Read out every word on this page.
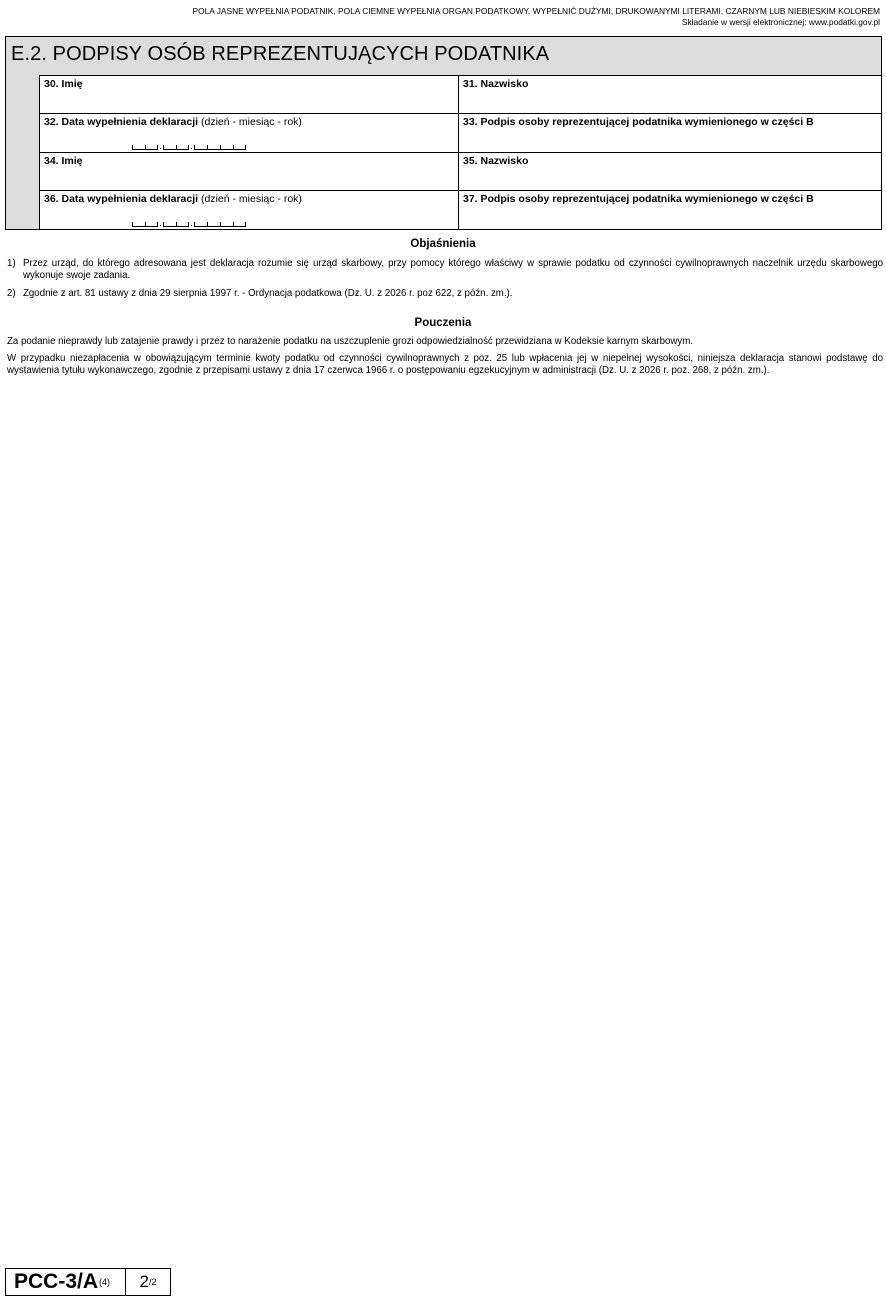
POLA JASNE WYPEŁNIA PODATNIK, POLA CIEMNE WYPEŁNIA ORGAN PODATKOWY. WYPEŁNIĆ DUŻYMI, DRUKOWANYMI LITERAMI, CZARNYM LUB NIEBIESKIM KOLOREM
Składanie w wersji elektronicznej: www.podatki.gov.pl
E.2. PODPISY OSÓB REPREZENTUJĄCYCH PODATNIKA
30. Imię	31. Nazwisko
32. Data wypełnienia deklaracji (dzień - miesiąc - rok)	33. Podpis osoby reprezentującej podatnika wymienionego w części B
34. Imię	35. Nazwisko
36. Data wypełnienia deklaracji (dzień - miesiąc - rok)	37. Podpis osoby reprezentującej podatnika wymienionego w części B
Objaśnienia
1) Przez urząd, do którego adresowana jest deklaracja rozumie się urząd skarbowy, przy pomocy którego właściwy w sprawie podatku od czynności cywilnoprawnych naczelnik urzędu skarbowego wykonuje swoje zadania.
2) Zgodnie z art. 81 ustawy z dnia 29 sierpnia 1997 r. - Ordynacja podatkowa (Dz. U. z 2026 r. poz 622, z późn. zm.).
Pouczenia
Za podanie nieprawdy lub zatajenie prawdy i przez to narażenie podatku na uszczuplenie grozi odpowiedzialność przewidziana w Kodeksie karnym skarbowym.
W przypadku niezapłacenia w obowiązującym terminie kwoty podatku od czynności cywilnoprawnych z poz. 25 lub wpłacenia jej w niepełnej wysokości, niniejsza deklaracja stanowi podstawę do wystawienia tytułu wykonawczego, zgodnie z przepisami ustawy z dnia 17 czerwca 1966 r. o postępowaniu egzekucyjnym w administracji (Dz. U. z 2026 r. poz. 268, z późn. zm.).
PCC-3/A (4) 2 /2
